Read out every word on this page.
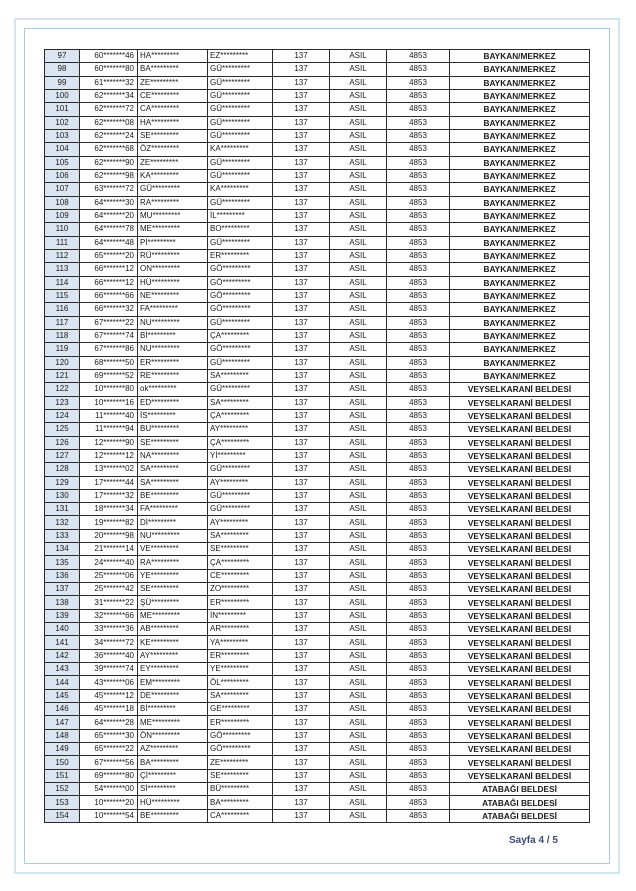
97	60*******46	HA*********	EZ*********	137	ASIL	4853	BAYKAN/MERKEZ
98	60*******80	BA*********	GÜ*********	137	ASIL	4853	BAYKAN/MERKEZ
99	61*******32	ZE*********	GÜ*********	137	ASIL	4853	BAYKAN/MERKEZ
100	62*******34	CE*********	GÜ*********	137	ASIL	4853	BAYKAN/MERKEZ
101	62*******72	CA*********	GÜ*********	137	ASIL	4853	BAYKAN/MERKEZ
102	62*******08	HA*********	GÜ*********	137	ASIL	4853	BAYKAN/MERKEZ
103	62*******24	SE*********	GÜ*********	137	ASIL	4853	BAYKAN/MERKEZ
104	62*******68	ÖZ*********	KA*********	137	ASIL	4853	BAYKAN/MERKEZ
105	62*******90	ZE*********	GÜ*********	137	ASIL	4853	BAYKAN/MERKEZ
106	62*******98	KA*********	GÜ*********	137	ASIL	4853	BAYKAN/MERKEZ
107	63*******72	GÜ*********	KA*********	137	ASIL	4853	BAYKAN/MERKEZ
108	64*******30	RA*********	GÜ*********	137	ASIL	4853	BAYKAN/MERKEZ
109	64*******20	MU*********	İL*********	137	ASIL	4853	BAYKAN/MERKEZ
110	64*******78	ME*********	BO*********	137	ASIL	4853	BAYKAN/MERKEZ
111	64*******48	Pİ*********	GÜ*********	137	ASIL	4853	BAYKAN/MERKEZ
112	65*******20	RÜ*********	ER*********	137	ASIL	4853	BAYKAN/MERKEZ
113	66*******12	ON*********	GÖ*********	137	ASIL	4853	BAYKAN/MERKEZ
114	66*******12	HÜ*********	GÖ*********	137	ASIL	4853	BAYKAN/MERKEZ
115	66*******66	NE*********	GÖ*********	137	ASIL	4853	BAYKAN/MERKEZ
116	66*******32	FA*********	GÖ*********	137	ASIL	4853	BAYKAN/MERKEZ
117	67*******22	NU*********	GÜ*********	137	ASIL	4853	BAYKAN/MERKEZ
118	67*******74	Bİ*********	ÇA*********	137	ASIL	4853	BAYKAN/MERKEZ
119	67*******86	NU*********	GÖ*********	137	ASIL	4853	BAYKAN/MERKEZ
120	68*******50	ER*********	GÜ*********	137	ASIL	4853	BAYKAN/MERKEZ
121	69*******52	RE*********	SA*********	137	ASIL	4853	BAYKAN/MERKEZ
122	10*******80	ok*********	GÜ*********	137	ASIL	4853	VEYSELKARANİ BELDESİ
123	10*******16	ED*********	SA*********	137	ASIL	4853	VEYSELKARANİ BELDESİ
124	11*******40	İS*********	ÇA*********	137	ASIL	4853	VEYSELKARANİ BELDESİ
125	11*******94	BU*********	AY*********	137	ASIL	4853	VEYSELKARANİ BELDESİ
126	12*******90	SE*********	ÇA*********	137	ASIL	4853	VEYSELKARANİ BELDESİ
127	12*******12	NA*********	Yİ*********	137	ASIL	4853	VEYSELKARANİ BELDESİ
128	13*******02	SA*********	GÜ*********	137	ASIL	4853	VEYSELKARANİ BELDESİ
129	17*******44	SA*********	AY*********	137	ASIL	4853	VEYSELKARANİ BELDESİ
130	17*******32	BE*********	GÜ*********	137	ASIL	4853	VEYSELKARANİ BELDESİ
131	18*******34	FA*********	GÜ*********	137	ASIL	4853	VEYSELKARANİ BELDESİ
132	19*******82	Dİ*********	AY*********	137	ASIL	4853	VEYSELKARANİ BELDESİ
133	20*******98	NU*********	SA*********	137	ASIL	4853	VEYSELKARANİ BELDESİ
134	21*******14	VE*********	SE*********	137	ASIL	4853	VEYSELKARANİ BELDESİ
135	24*******40	RA*********	ÇA*********	137	ASIL	4853	VEYSELKARANİ BELDESİ
136	25*******06	YE*********	CE*********	137	ASIL	4853	VEYSELKARANİ BELDESİ
137	25*******42	SE*********	ZO*********	137	ASIL	4853	VEYSELKARANİ BELDESİ
138	31*******22	ŞÜ*********	ER*********	137	ASIL	4853	VEYSELKARANİ BELDESİ
139	32*******66	ME*********	İN*********	137	ASIL	4853	VEYSELKARANİ BELDESİ
140	33*******36	AB*********	AR*********	137	ASIL	4853	VEYSELKARANİ BELDESİ
141	34*******72	KE*********	YA*********	137	ASIL	4853	VEYSELKARANİ BELDESİ
142	36*******40	AY*********	ER*********	137	ASIL	4853	VEYSELKARANİ BELDESİ
143	39*******74	EY*********	YE*********	137	ASIL	4853	VEYSELKARANİ BELDESİ
144	43*******06	EM*********	ÖL*********	137	ASIL	4853	VEYSELKARANİ BELDESİ
145	45*******12	DE*********	SA*********	137	ASIL	4853	VEYSELKARANİ BELDESİ
146	45*******18	Bİ*********	GE*********	137	ASIL	4853	VEYSELKARANİ BELDESİ
147	64*******28	ME*********	ER*********	137	ASIL	4853	VEYSELKARANİ BELDESİ
148	65*******30	ÖN*********	GÖ*********	137	ASIL	4853	VEYSELKARANİ BELDESİ
149	65*******22	AZ*********	GÖ*********	137	ASIL	4853	VEYSELKARANİ BELDESİ
150	67*******56	BA*********	ZE*********	137	ASIL	4853	VEYSELKARANİ BELDESİ
151	69*******80	Çİ*********	SE*********	137	ASIL	4853	VEYSELKARANİ BELDESİ
152	54*******00	Sİ*********	BÜ*********	137	ASIL	4853	ATABAĞI BELDESİ
153	10*******20	HÜ*********	BA*********	137	ASIL	4853	ATABAĞI BELDESİ
154	10*******54	BE*********	CA*********	137	ASIL	4853	ATABAĞI BELDESİ
Sayfa 4 / 5
